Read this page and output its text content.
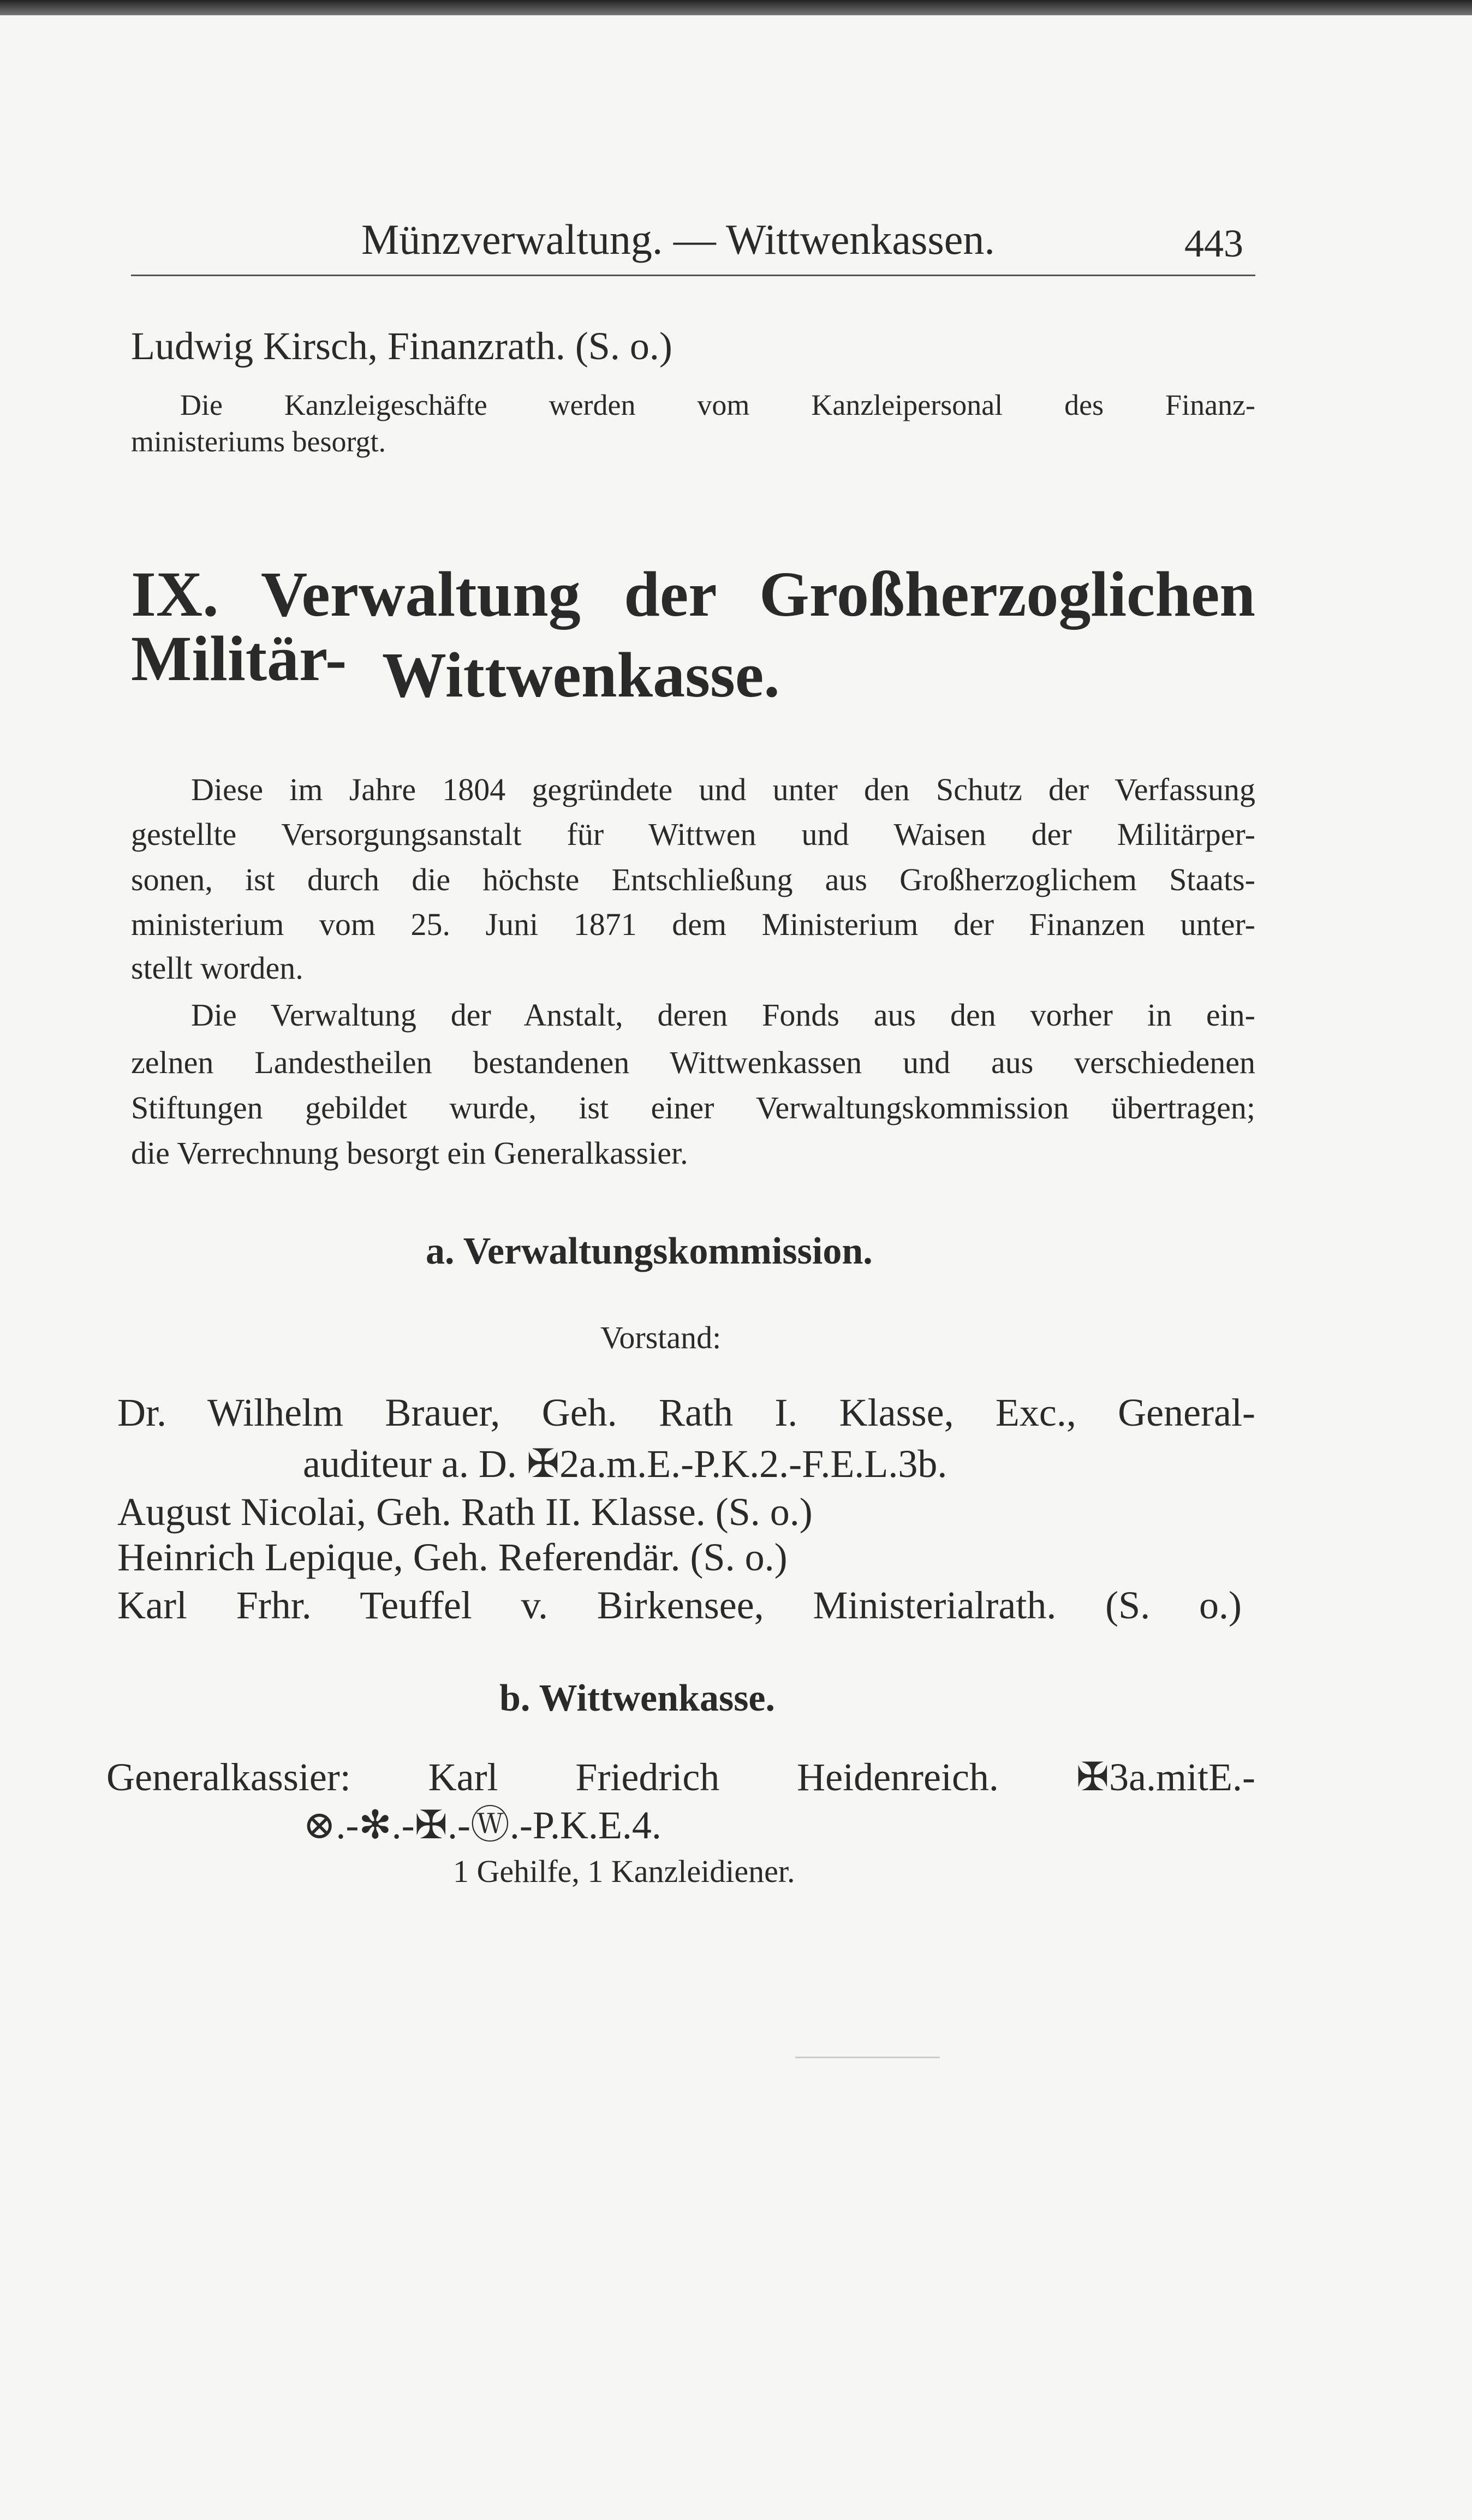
Münzverwaltung. — Wittwenkassen.	443
Ludwig Kirsch, Finanzrath. (S. o.)
Die Kanzleigeschäfte werden vom Kanzleipersonal des Finanz-
ministeriums besorgt.
IX. Verwaltung der Großherzoglichen Militär- Wittwenkasse.
Diese im Jahre 1804 gegründete und unter den Schutz der Verfassung
gestellte Versorgungsanstalt für Wittwen und Waisen der Militärper-
sonen, ist durch die höchste Entschließung aus Großherzoglichem Staats-
ministerium vom 25. Juni 1871 dem Ministerium der Finanzen unter-
stellt worden.
Die Verwaltung der Anstalt, deren Fonds aus den vorher in ein-
zelnen Landestheilen bestandenen Wittwenkassen und aus verschiedenen
Stiftungen gebildet wurde, ist einer Verwaltungskommission übertragen;
die Verrechnung besorgt ein Generalkassier.
a. Verwaltungskommission.
Vorstand:
Dr. Wilhelm Brauer, Geh. Rath I. Klasse, Exc., General-
auditeur a. D. ✠2a.m.E.-P.K.2.-F.E.L.3b.
August Nicolai, Geh. Rath II. Klasse. (S. o.)
Heinrich Lepique, Geh. Referendär. (S. o.)
Karl Frhr. Teuffel v. Birkensee, Ministerialrath. (S. o.)
b. Wittwenkasse.
Generalkassier: Karl Friedrich Heidenreich. ✠3a.mitE.-
⊗.-✻.-✠.-Ⓦ.-P.K.E.4.
1 Gehilfe, 1 Kanzleidiener.
